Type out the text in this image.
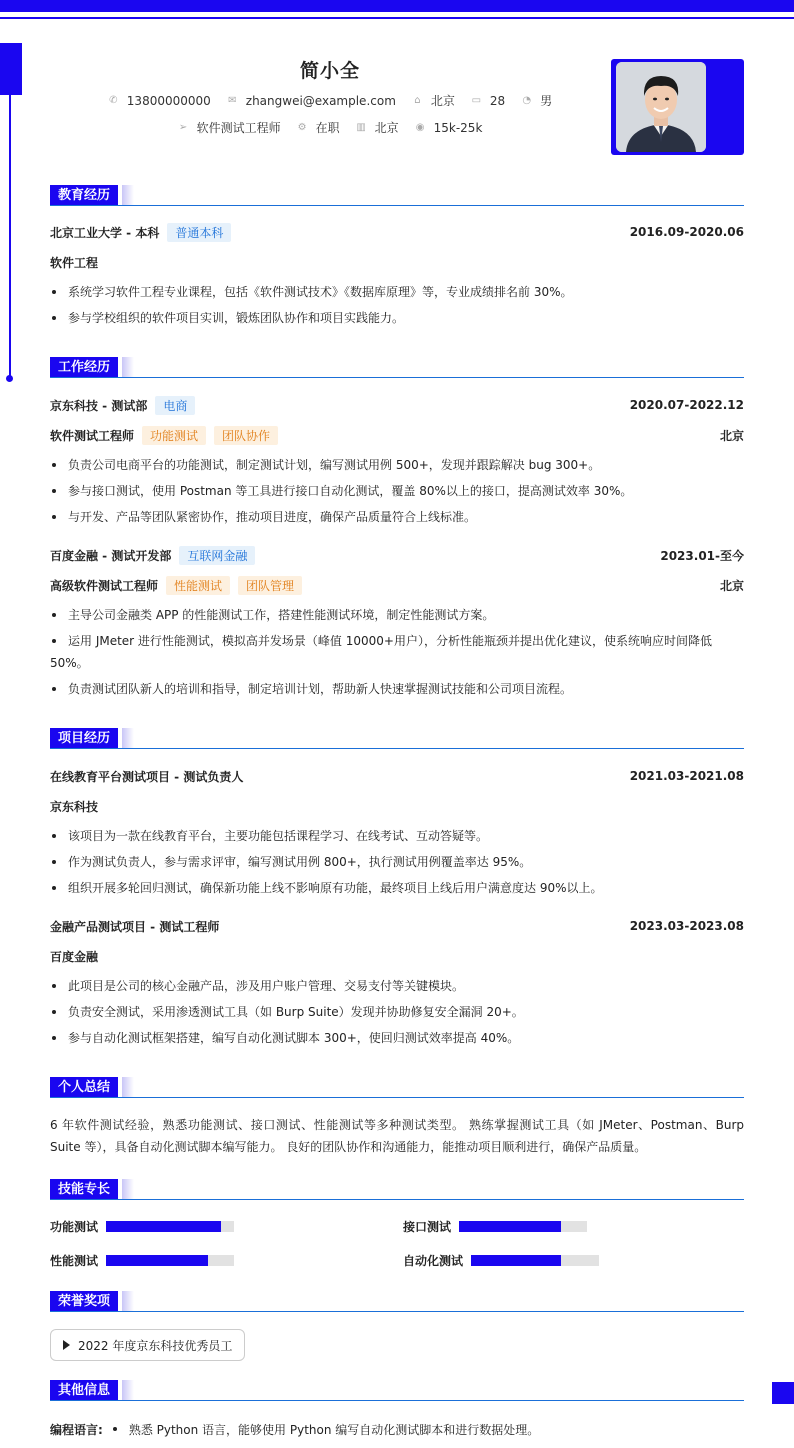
简小全
✆ 13800000000 ✉ zhangwei@example.com ⌂ 北京 ▭ 28 ◔ 男
➢ 软件测试工程师 ⚙ 在职 ▥ 北京 ◉ 15k-25k
教育经历
北京工业大学 - 本科	普通本科	2016.09-2020.06
软件工程
系统学习软件工程专业课程，包括《软件测试技术》《数据库原理》等，专业成绩排名前 30%。
参与学校组织的软件项目实训，锻炼团队协作和项目实践能力。
工作经历
京东科技 - 测试部	电商	2020.07-2022.12
软件测试工程师	功能测试	团队协作	北京
负责公司电商平台的功能测试，制定测试计划，编写测试用例 500+，发现并跟踪解决 bug 300+。
参与接口测试，使用 Postman 等工具进行接口自动化测试，覆盖 80%以上的接口，提高测试效率 30%。
与开发、产品等团队紧密协作，推动项目进度，确保产品质量符合上线标准。
百度金融 - 测试开发部	互联网金融	2023.01-至今
高级软件测试工程师	性能测试	团队管理	北京
主导公司金融类 APP 的性能测试工作，搭建性能测试环境，制定性能测试方案。
运用 JMeter 进行性能测试，模拟高并发场景（峰值 10000+用户），分析性能瓶颈并提出优化建议，使系统响应时间降低 50%。
负责测试团队新人的培训和指导，制定培训计划，帮助新人快速掌握测试技能和公司项目流程。
项目经历
在线教育平台测试项目 - 测试负责人	2021.03-2021.08
京东科技
该项目为一款在线教育平台，主要功能包括课程学习、在线考试、互动答疑等。
作为测试负责人，参与需求评审，编写测试用例 800+，执行测试用例覆盖率达 95%。
组织开展多轮回归测试，确保新功能上线不影响原有功能，最终项目上线后用户满意度达 90%以上。
金融产品测试项目 - 测试工程师	2023.03-2023.08
百度金融
此项目是公司的核心金融产品，涉及用户账户管理、交易支付等关键模块。
负责安全测试，采用渗透测试工具（如 Burp Suite）发现并协助修复安全漏洞 20+。
参与自动化测试框架搭建，编写自动化测试脚本 300+，使回归测试效率提高 40%。
个人总结
6 年软件测试经验，熟悉功能测试、接口测试、性能测试等多种测试类型。 熟练掌握测试工具（如 JMeter、Postman、Burp Suite 等），具备自动化测试脚本编写能力。 良好的团队协作和沟通能力，能推动项目顺利进行，确保产品质量。
技能专长
功能测试	接口测试
性能测试	自动化测试
荣誉奖项
2022 年度京东科技优秀员工
其他信息
编程语言: 熟悉 Python 语言，能够使用 Python 编写自动化测试脚本和进行数据处理。
